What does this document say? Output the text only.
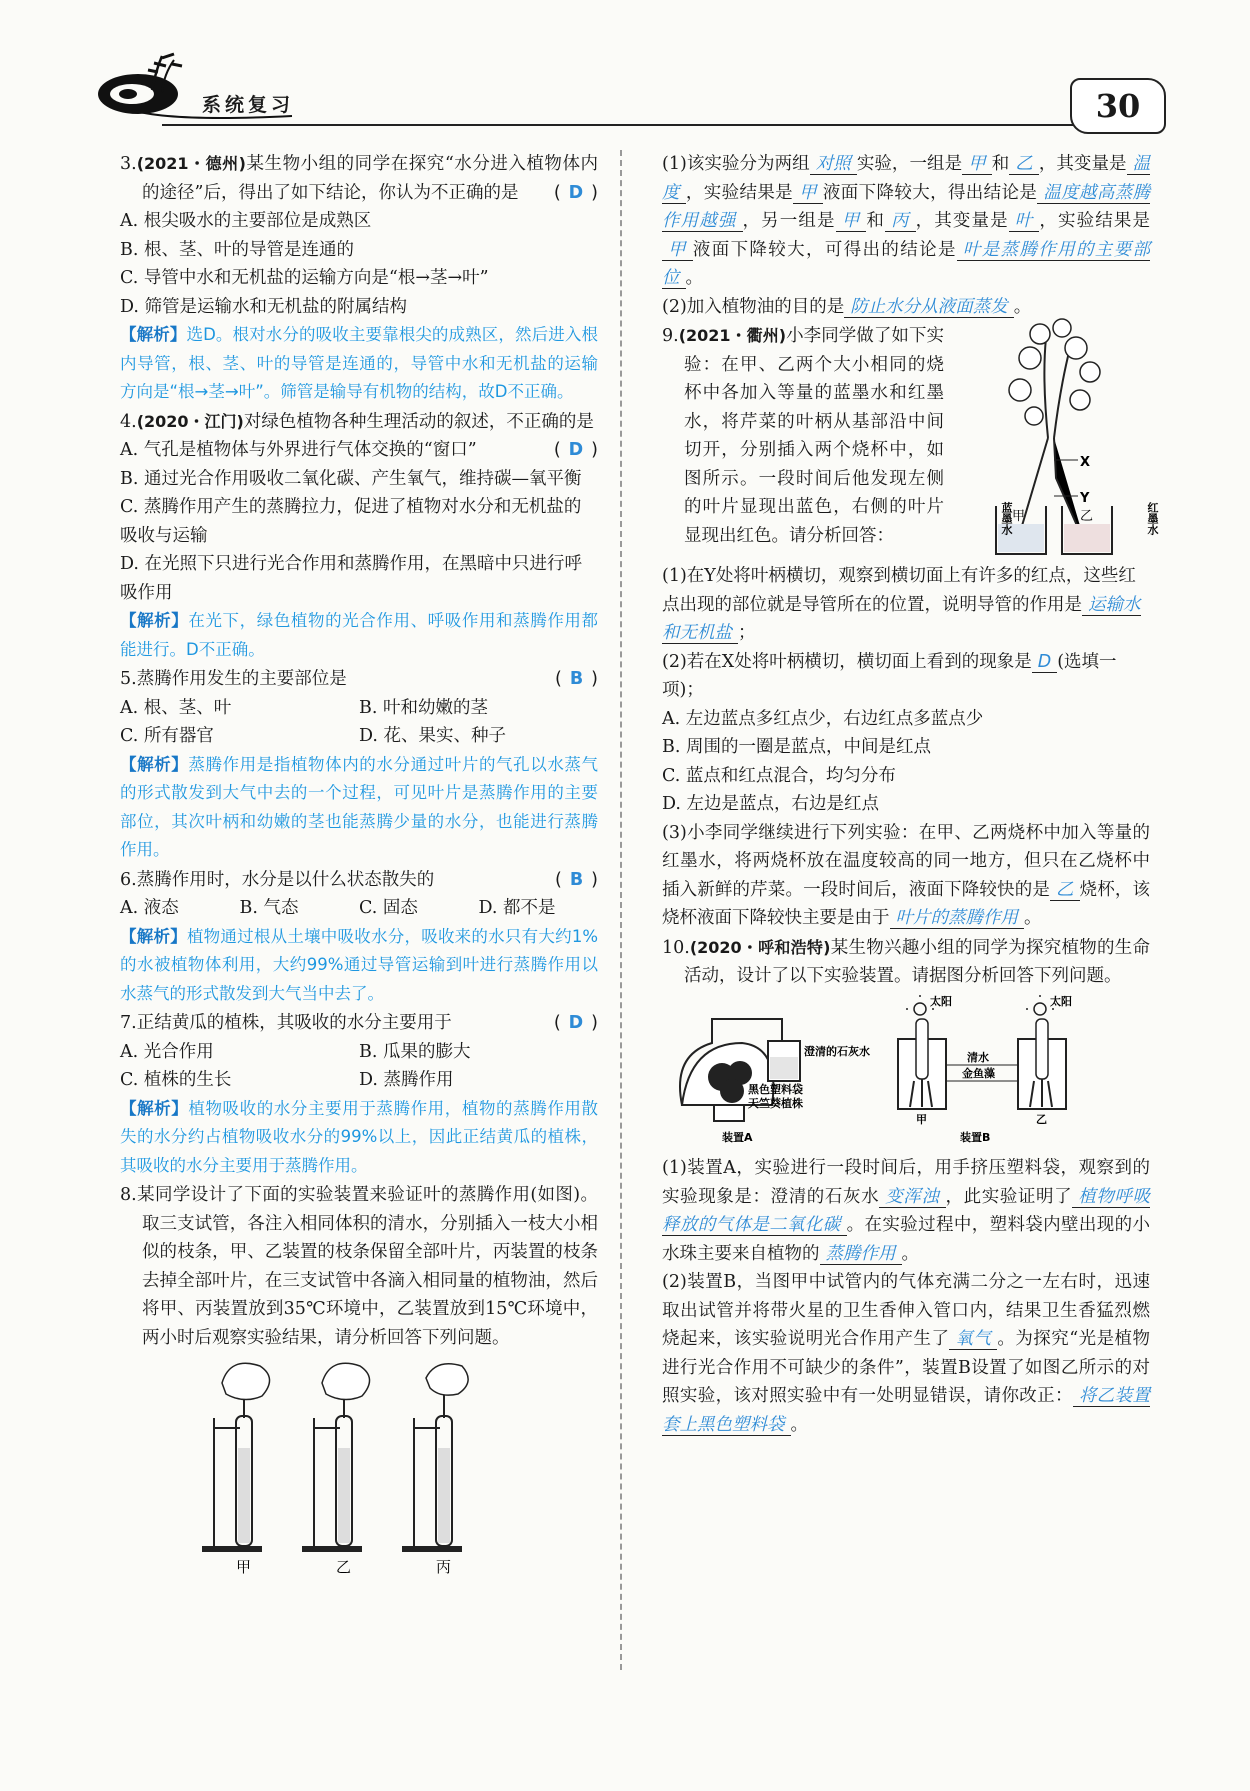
系统复习	30
3.(2021・德州)某生物小组的同学在探究“水分进入植物体内的途径”后，得出了如下结论，你认为不正确的是 ( D )
A. 根尖吸水的主要部位是成熟区
B. 根、茎、叶的导管是连通的
C. 导管中水和无机盐的运输方向是“根→茎→叶”
D. 筛管是运输水和无机盐的附属结构
【解析】选D。根对水分的吸收主要靠根尖的成熟区，然后进入根内导管，根、茎、叶的导管是连通的，导管中水和无机盐的运输方向是“根→茎→叶”。筛管是输导有机物的结构，故D不正确。
4.(2020・江门)对绿色植物各种生理活动的叙述，不正确的是
( D )
A. 气孔是植物体与外界进行气体交换的“窗口”
B. 通过光合作用吸收二氧化碳、产生氧气，维持碳—氧平衡
C. 蒸腾作用产生的蒸腾拉力，促进了植物对水分和无机盐的吸收与运输
D. 在光照下只进行光合作用和蒸腾作用，在黑暗中只进行呼吸作用
【解析】在光下，绿色植物的光合作用、呼吸作用和蒸腾作用都能进行。D不正确。
5.蒸腾作用发生的主要部位是	( B )
A. 根、茎、叶	B. 叶和幼嫩的茎
C. 所有器官	D. 花、果实、种子
【解析】蒸腾作用是指植物体内的水分通过叶片的气孔以水蒸气的形式散发到大气中去的一个过程，可见叶片是蒸腾作用的主要部位，其次叶柄和幼嫩的茎也能蒸腾少量的水分，也能进行蒸腾作用。
6.蒸腾作用时，水分是以什么状态散失的	( B )
A. 液态	B. 气态	C. 固态	D. 都不是
【解析】植物通过根从土壤中吸收水分，吸收来的水只有大约1%的水被植物体利用，大约99%通过导管运输到叶进行蒸腾作用以水蒸气的形式散发到大气当中去了。
7.正结黄瓜的植株，其吸收的水分主要用于	( D )
A. 光合作用	B. 瓜果的膨大
C. 植株的生长	D. 蒸腾作用
【解析】植物吸收的水分主要用于蒸腾作用，植物的蒸腾作用散失的水分约占植物吸收水分的99%以上，因此正结黄瓜的植株，其吸收的水分主要用于蒸腾作用。
8.某同学设计了下面的实验装置来验证叶的蒸腾作用(如图)。取三支试管，各注入相同体积的清水，分别插入一枝大小相似的枝条，甲、乙装置的枝条保留全部叶片，丙装置的枝条去掉全部叶片，在三支试管中各滴入相同量的植物油，然后将甲、丙装置放到35℃环境中，乙装置放到15℃环境中，两小时后观察实验结果，请分析回答下列问题。
甲	乙	丙
(1)该实验分为两组 对照 实验，一组是 甲 和 乙 ，其变量是 温度 ，实验结果是 甲 液面下降较大，得出结论是 温度越高蒸腾作用越强 ，另一组是 甲 和 丙 ，其变量是 叶 ，实验结果是甲 液面下降较大，可得出的结论是 叶是蒸腾作用的主要部位 。
(2)加入植物油的目的是 防止水分从液面蒸发 。
X
Y
甲	乙
蓝墨水	红墨水
9.(2021・衢州)小李同学做了如下实验：在甲、乙两个大小相同的烧杯中各加入等量的蓝墨水和红墨水，将芹菜的叶柄从基部沿中间切开，分别插入两个烧杯中，如图所示。一段时间后他发现左侧的叶片显现出蓝色，右侧的叶片显现出红色。请分析回答：
(1)在Y处将叶柄横切，观察到横切面上有许多的红点，这些红点出现的部位就是导管所在的位置，说明导管的作用是 运输水和无机盐 ；
(2)若在X处将叶柄横切，横切面上看到的现象是 D (选填一项)；
A. 左边蓝点多红点少，右边红点多蓝点少
B. 周围的一圈是蓝点，中间是红点
C. 蓝点和红点混合，均匀分布
D. 左边是蓝点，右边是红点
(3)小李同学继续进行下列实验：在甲、乙两烧杯中加入等量的红墨水，将两烧杯放在温度较高的同一地方，但只在乙烧杯中插入新鲜的芹菜。一段时间后，液面下降较快的是 乙 烧杯，该烧杯液面下降较快主要是由于 叶片的蒸腾作用 。
10.(2020・呼和浩特)某生物兴趣小组的同学为探究植物的生命活动，设计了以下实验装置。请据图分析回答下列问题。
澄清的石灰水
黑色塑料袋
天竺葵植株
装置A
太阳	太阳
清水
金鱼藻
甲	乙
装置B
(1)装置A，实验进行一段时间后，用手挤压塑料袋，观察到的实验现象是：澄清的石灰水 变浑浊 ，此实验证明了 植物呼吸释放的气体是二氧化碳 。在实验过程中，塑料袋内壁出现的小水珠主要来自植物的 蒸腾作用 。
(2)装置B，当图甲中试管内的气体充满二分之一左右时，迅速取出试管并将带火星的卫生香伸入管口内，结果卫生香猛烈燃烧起来，该实验说明光合作用产生了 氧气 。为探究“光是植物进行光合作用不可缺少的条件”，装置B设置了如图乙所示的对照实验，该对照实验中有一处明显错误，请你改正： 将乙装置套上黑色塑料袋 。
